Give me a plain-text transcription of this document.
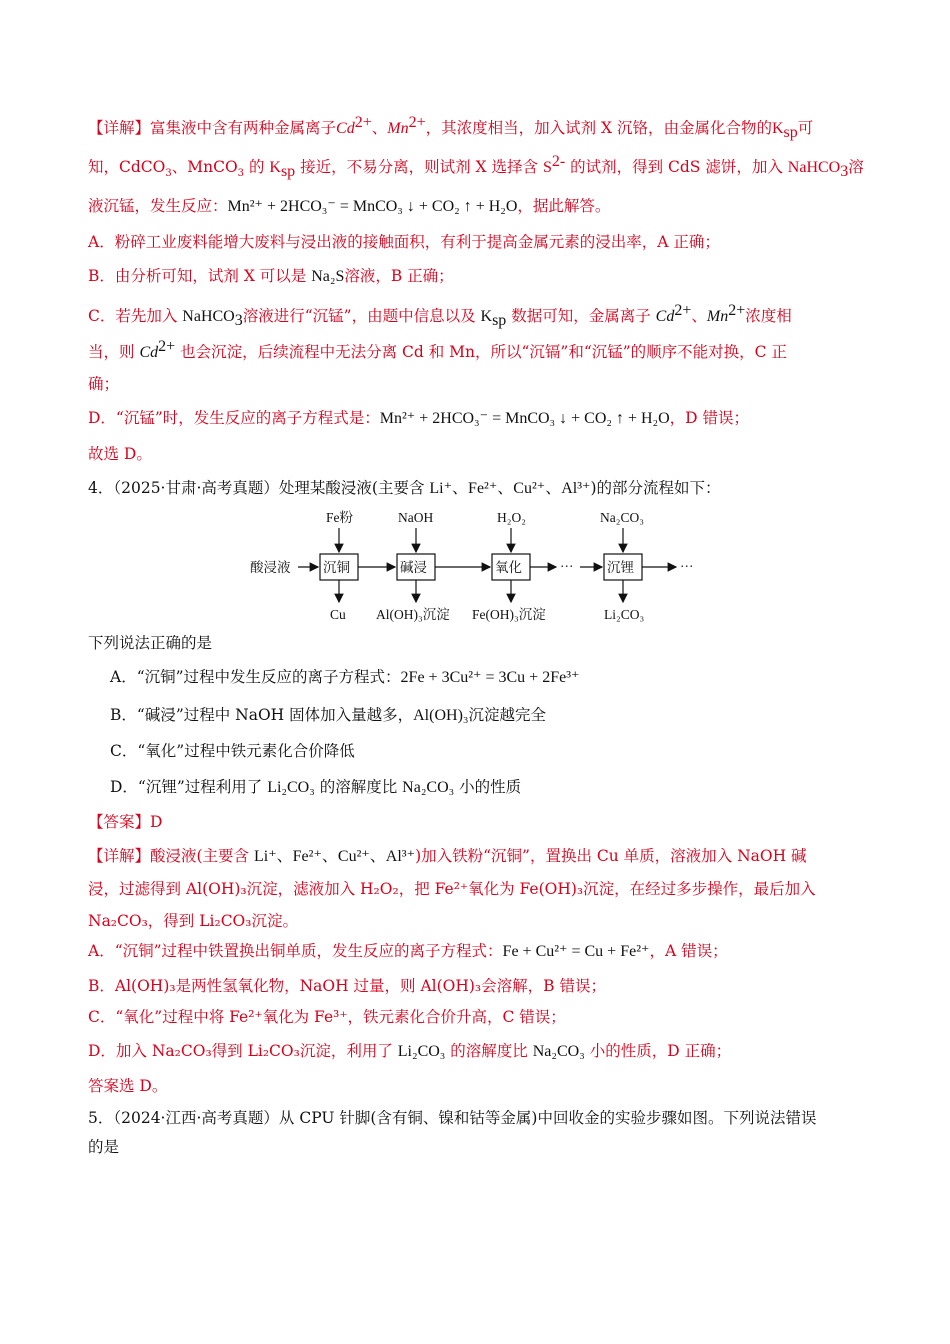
【详解】富集液中含有两种金属离子$Cd^{2+}$、$Mn^{2+}$，其浓度相当，加入试剂 X 沉铬，由金属化合物的$K_{sp}$可
知，CdCO$_3$、MnCO$_3$ 的 $K_{sp}$ 接近，不易分离，则试剂 X 选择含 $S^{2-}$ 的试剂，得到 CdS 滤饼，加入 NaHCO$_3$溶
液沉锰，发生反应：Mn²⁺ + 2HCO₃⁻ = MnCO₃ ↓ + CO₂ ↑ + H₂O，据此解答。
A．粉碎工业废料能增大废料与浸出液的接触面积，有利于提高金属元素的浸出率，A 正确；
B．由分析可知，试剂 X 可以是 Na₂S溶液，B 正确；
C．若先加入 NaHCO$_3$溶液进行“沉锰”，由题中信息以及 $K_{sp}$ 数据可知，金属离子 $Cd^{2+}$、$Mn^{2+}$浓度相
当，则 $Cd^{2+}$ 也会沉淀，后续流程中无法分离 Cd 和 Mn，所以“沉镉”和“沉锰”的顺序不能对换，C 正
确；
D．“沉锰”时，发生反应的离子方程式是：Mn²⁺ + 2HCO₃⁻ = MnCO₃ ↓ + CO₂ ↑ + H₂O，D 错误；
故选 D。
4．（2025·甘肃·高考真题）处理某酸浸液(主要含 Li⁺、Fe²⁺、Cu²⁺、Al³⁺)的部分流程如下：
酸浸液 沉铜	碱浸	氧化	··· 沉锂	···
Fe粉	NaOH	H₂O₂	Na₂CO₃
Cu Al(OH)₃沉淀 Fe(OH)₃沉淀	Li₂CO₃
下列说法正确的是
A．“沉铜”过程中发生反应的离子方程式：2Fe + 3Cu²⁺ = 3Cu + 2Fe³⁺
B．“碱浸”过程中 NaOH 固体加入量越多，Al(OH)₃沉淀越完全
C．“氧化”过程中铁元素化合价降低
D．“沉锂”过程利用了 Li₂CO₃ 的溶解度比 Na₂CO₃ 小的性质
【答案】D
【详解】酸浸液(主要含 Li⁺、Fe²⁺、Cu²⁺、Al³⁺)加入铁粉“沉铜”，置换出 Cu 单质，溶液加入 NaOH 碱
浸，过滤得到 Al(OH)₃沉淀，滤液加入 H₂O₂，把 Fe²⁺氧化为 Fe(OH)₃沉淀，在经过多步操作，最后加入
Na₂CO₃，得到 Li₂CO₃沉淀。
A．“沉铜”过程中铁置换出铜单质，发生反应的离子方程式：Fe + Cu²⁺ = Cu + Fe²⁺，A 错误；
B．Al(OH)₃是两性氢氧化物，NaOH 过量，则 Al(OH)₃会溶解，B 错误；
C．“氧化”过程中将 Fe²⁺氧化为 Fe³⁺，铁元素化合价升高，C 错误；
D．加入 Na₂CO₃得到 Li₂CO₃沉淀，利用了 Li₂CO₃ 的溶解度比 Na₂CO₃ 小的性质，D 正确；
答案选 D。
5．（2024·江西·高考真题）从 CPU 针脚(含有铜、镍和钴等金属)中回收金的实验步骤如图。下列说法错误
的是
